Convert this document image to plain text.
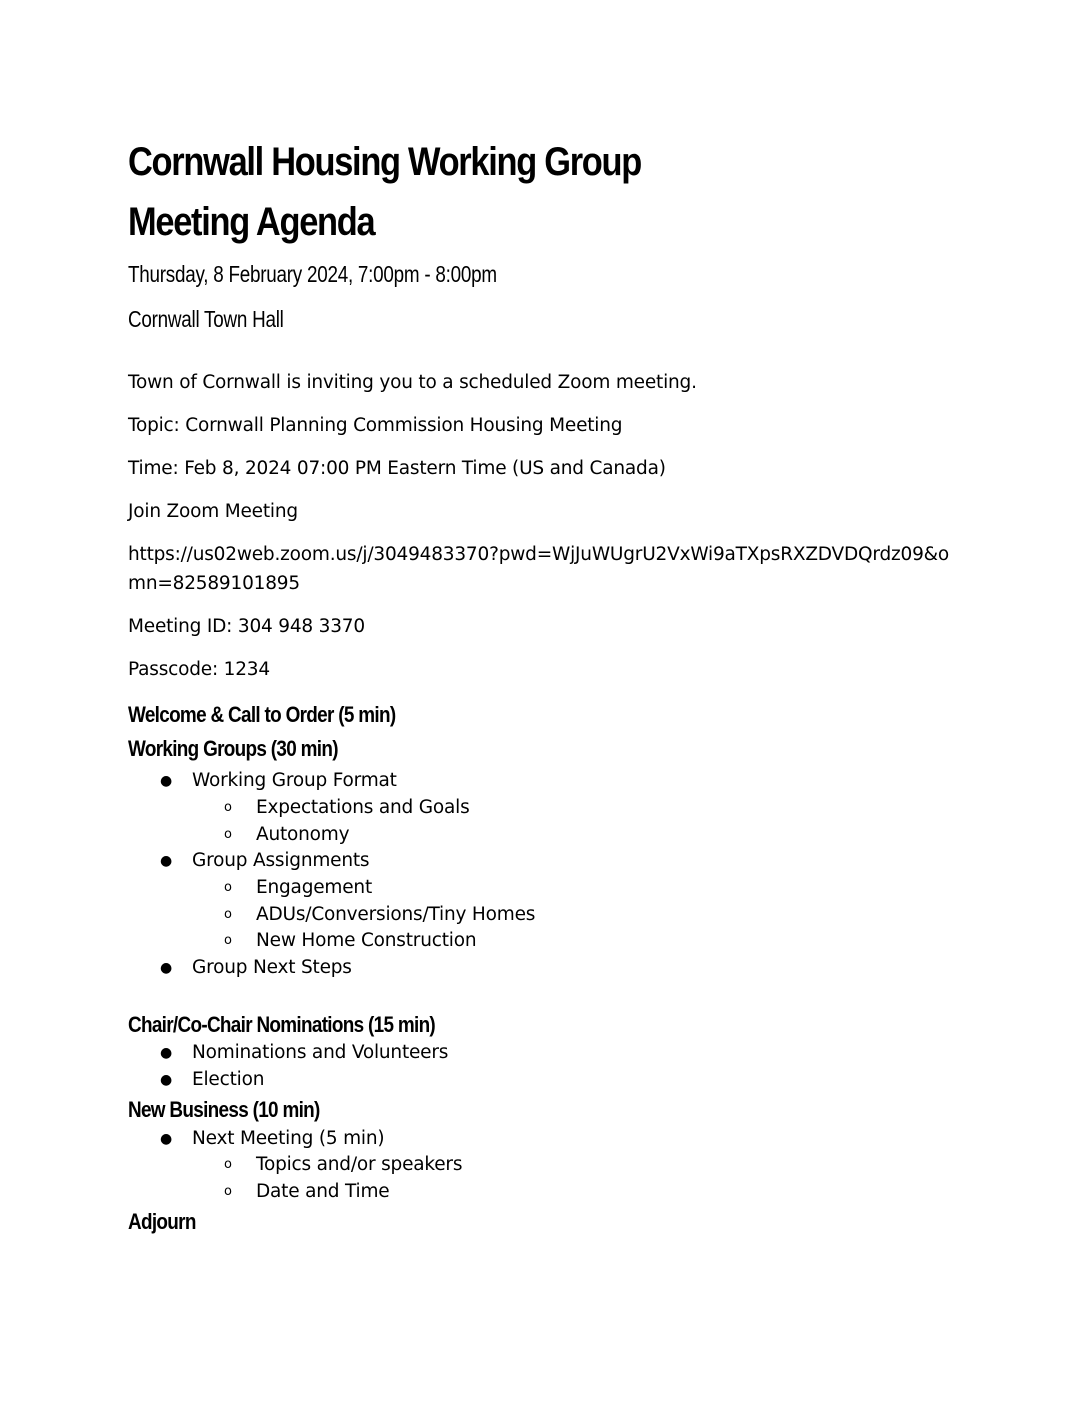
Cornwall Housing Working Group
Meeting Agenda

Thursday, 8 February 2024, 7:00pm - 8:00pm

Cornwall Town Hall

Town of Cornwall is inviting you to a scheduled Zoom meeting.

Topic: Cornwall Planning Commission Housing Meeting

Time: Feb 8, 2024 07:00 PM Eastern Time (US and Canada)

Join Zoom Meeting

https://us02web.zoom.us/j/3049483370?pwd=WjJuWUgrU2VxWi9aTXpsRXZDVDQrdz09&omn=82589101895

Meeting ID: 304 948 3370

Passcode: 1234

Welcome & Call to Order (5 min)
Working Groups (30 min)
● Working Group Format

o Expectations and Goals

o Autonomy

● Group Assignments

o Engagement

o ADUs/Conversions/Tiny Homes

o New Home Construction

● Group Next Steps

Chair/Co-Chair Nominations (15 min)
● Nominations and Volunteers

● Election

New Business (10 min)
● Next Meeting (5 min)

o Topics and/or speakers

o Date and Time

Adjourn
